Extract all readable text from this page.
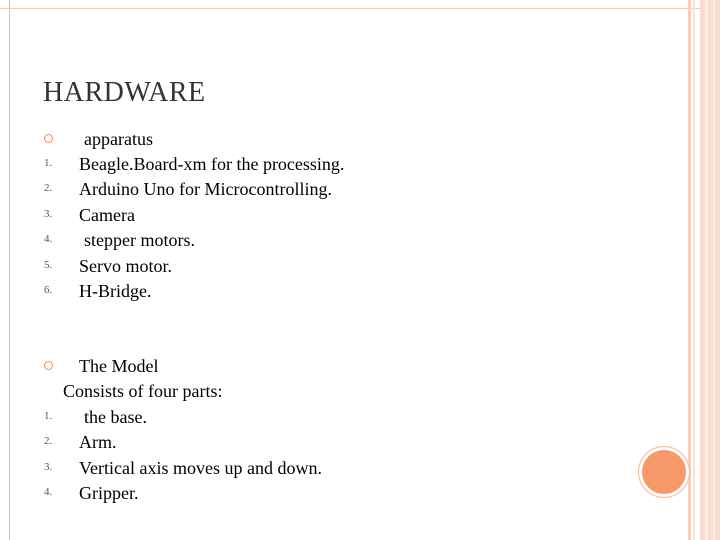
HARDWARE
apparatus
1. Beagle.Board-xm for the processing.
2. Arduino Uno for Microcontrolling.
3. Camera
4. stepper motors.
5. Servo motor.
6. H-Bridge.
The Model
Consists of four parts:
1. the base.
2. Arm.
3. Vertical axis moves up and down.
4. Gripper.
